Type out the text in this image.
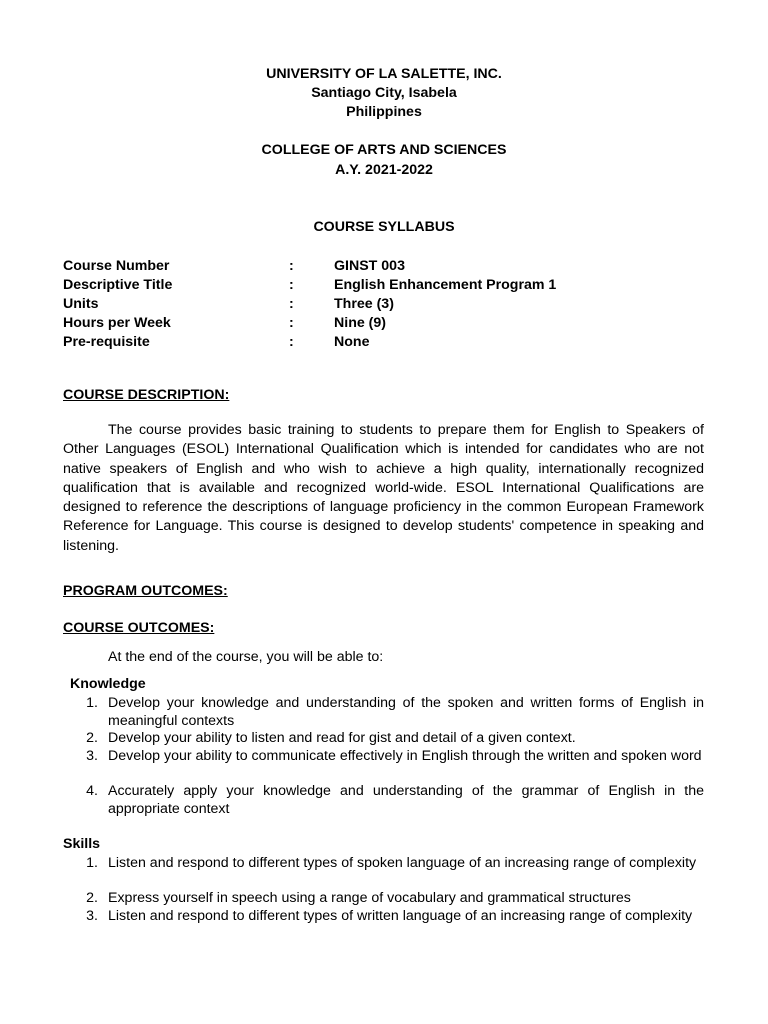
UNIVERSITY OF LA SALETTE, INC.
Santiago City, Isabela
Philippines
COLLEGE OF ARTS AND SCIENCES
A.Y. 2021-2022
COURSE SYLLABUS
Course Number	:	GINST 003
Descriptive Title	:	English Enhancement Program 1
Units	:	Three (3)
Hours per Week	:	Nine (9)
Pre-requisite	:	None
COURSE DESCRIPTION:
The course provides basic training to students to prepare them for English to Speakers of Other Languages (ESOL) International Qualification which is intended for candidates who are not native speakers of English and who wish to achieve a high quality, internationally recognized qualification that is available and recognized world-wide. ESOL International Qualifications are designed to reference the descriptions of language proficiency in the common European Framework Reference for Language. This course is designed to develop students' competence in speaking and listening.
PROGRAM OUTCOMES:
COURSE OUTCOMES:
At the end of the course, you will be able to:
Knowledge
1. Develop your knowledge and understanding of the spoken and written forms of English in meaningful contexts
2. Develop your ability to listen and read for gist and detail of a given context.
3. Develop your ability to communicate effectively in English through the written and spoken word
4. Accurately apply your knowledge and understanding of the grammar of English in the appropriate context
Skills
1. Listen and respond to different types of spoken language of an increasing range of complexity
2. Express yourself in speech using a range of vocabulary and grammatical structures
3. Listen and respond to different types of written language of an increasing range of complexity
